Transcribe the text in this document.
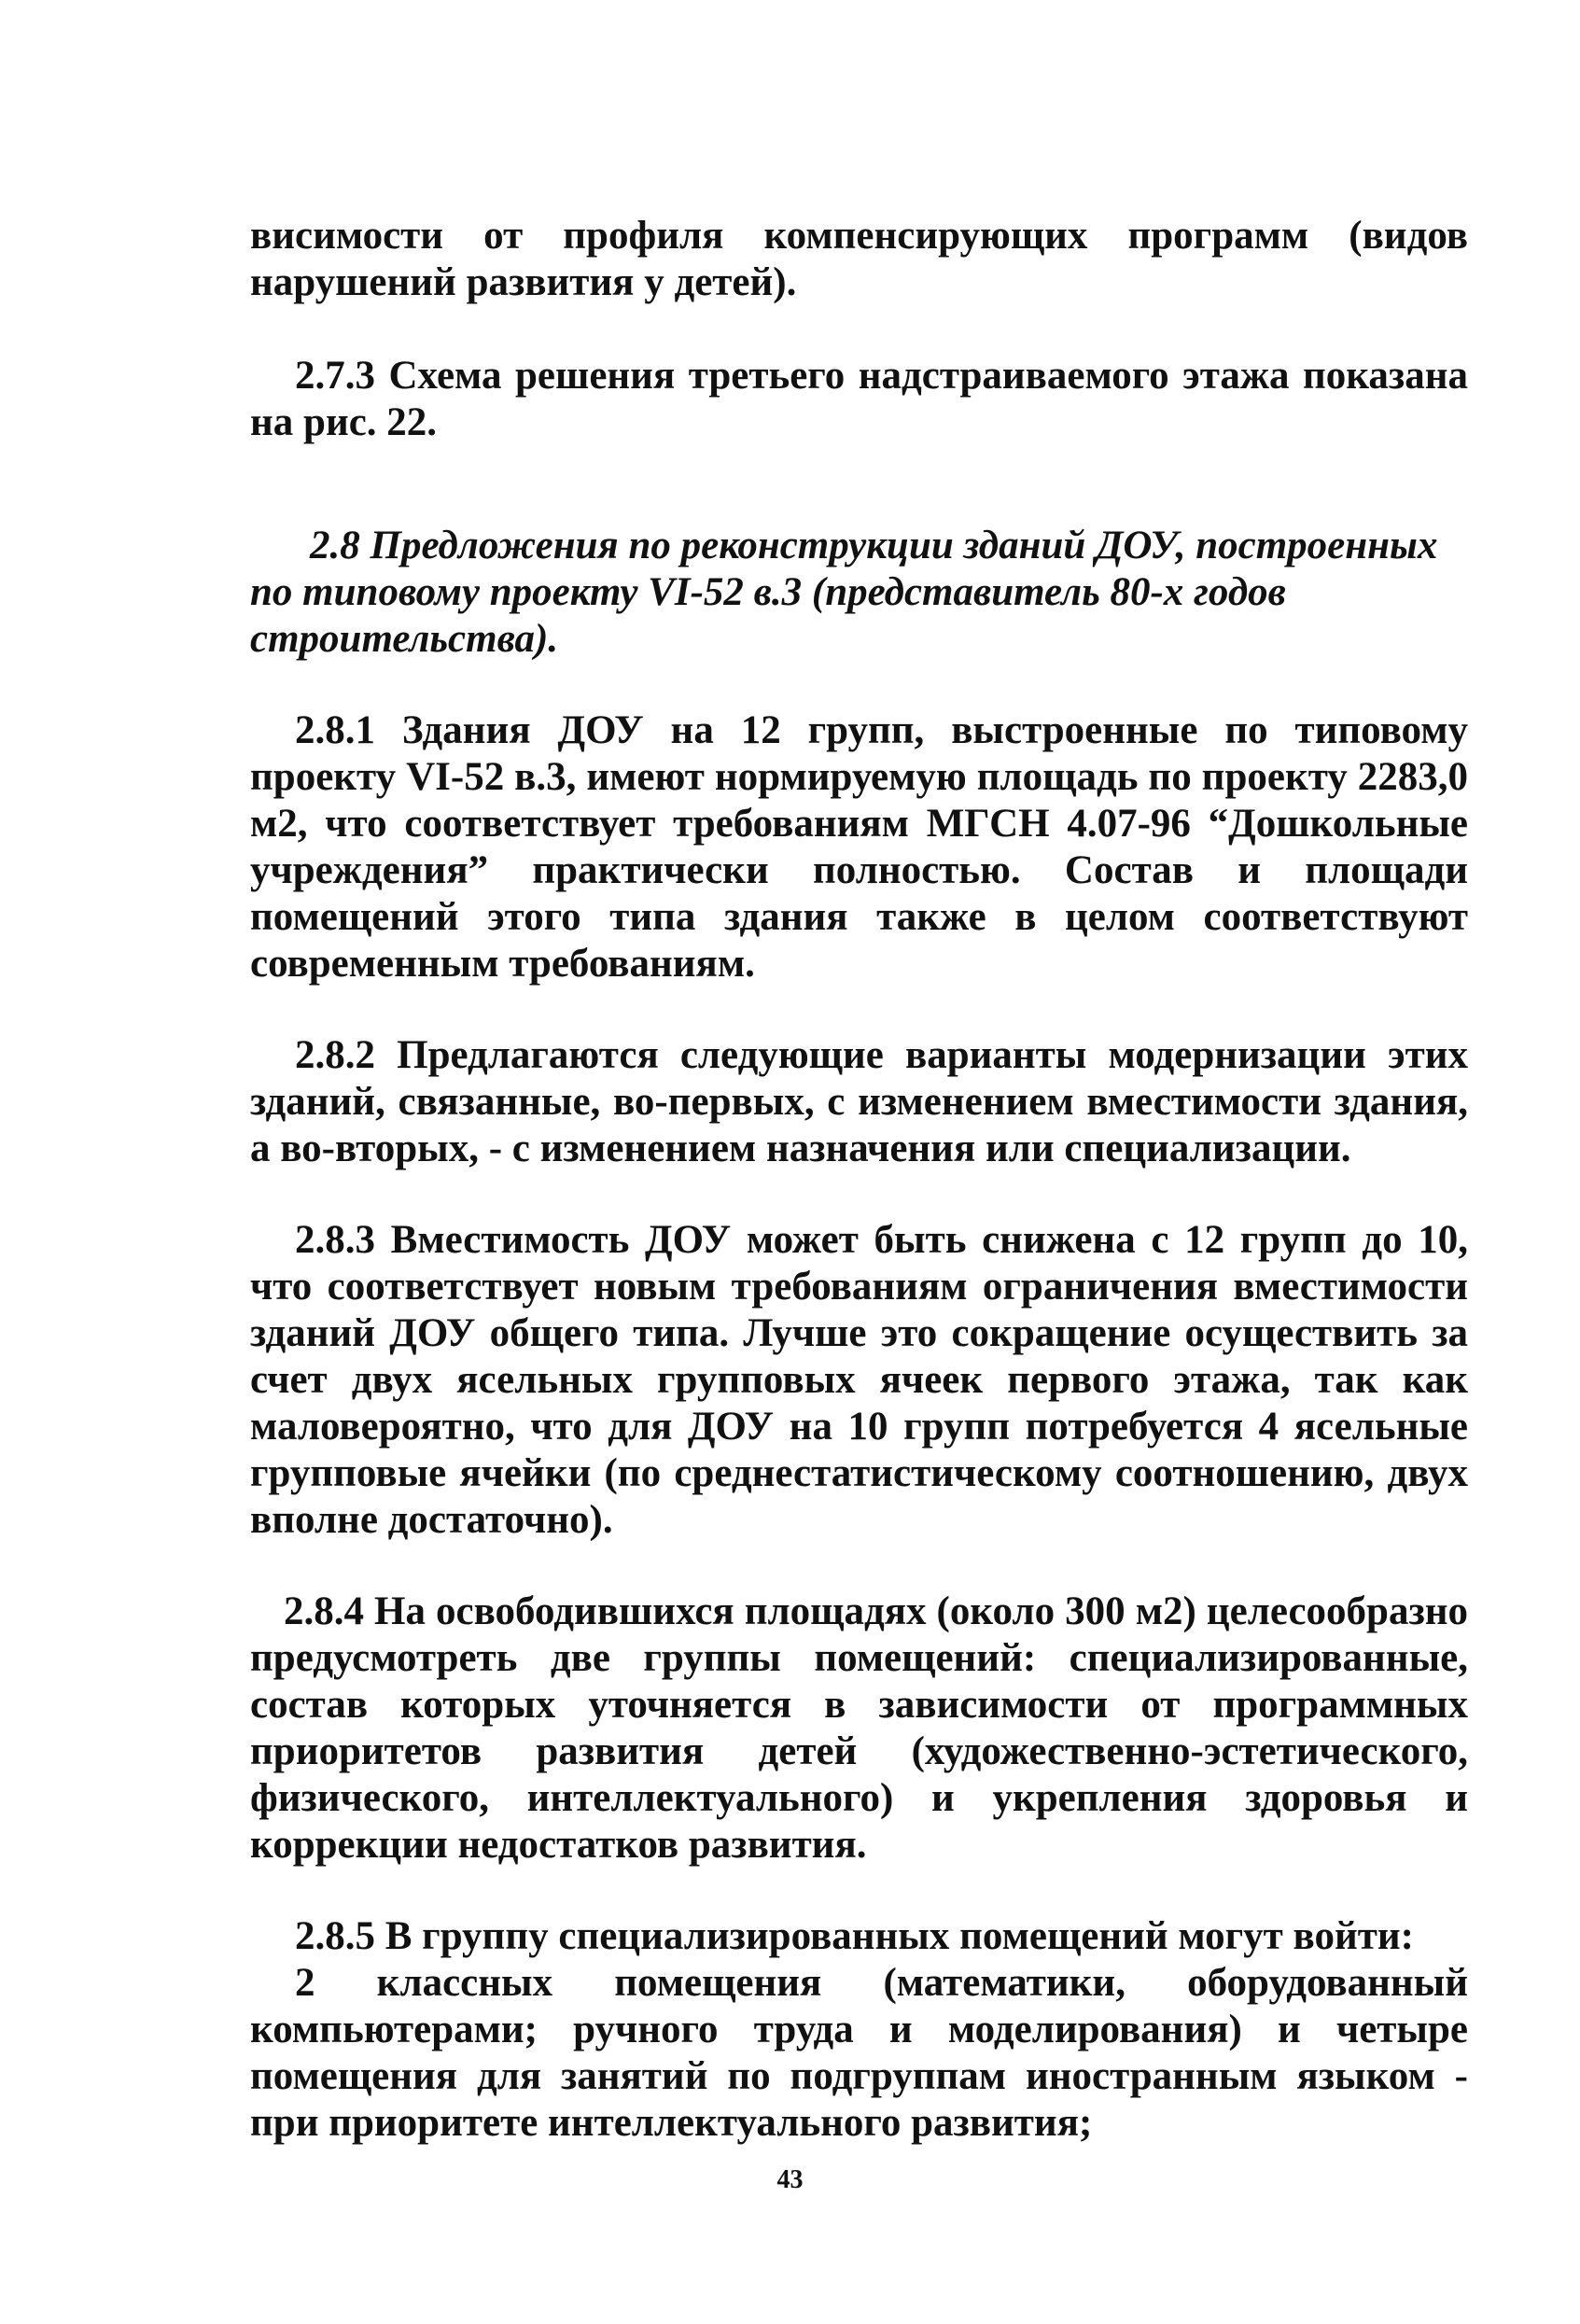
висимости от профиля компенсирующих программ (видов нарушений развития у детей).

2.7.3 Схема решения третьего надстраиваемого этажа показана на рис. 22.

2.8 Предложения по реконструкции зданий ДОУ, построенных по типовому проекту VI-52 в.3 (представитель 80-х годов строительства).

2.8.1 Здания ДОУ на 12 групп, выстроенные по типовому проекту VI-52 в.3, имеют нормируемую площадь по проекту 2283,0 м2, что соответствует требованиям МГСН 4.07-96 “Дошкольные учреждения” практически полностью. Состав и площади помещений этого типа здания также в целом соответствуют современным требованиям.

2.8.2 Предлагаются следующие варианты модернизации этих зданий, связанные, во-первых, с изменением вместимости здания, а во-вторых, - с изменением назначения или специализации.

2.8.3 Вместимость ДОУ может быть снижена с 12 групп до 10, что соответствует новым требованиям ограничения вместимости зданий ДОУ общего типа. Лучше это сокращение осуществить за счет двух ясельных групповых ячеек первого этажа, так как маловероятно, что для ДОУ на 10 групп потребуется 4 ясельные групповые ячейки (по среднестатистическому соотношению, двух вполне достаточно).

2.8.4 На освободившихся площадях (около 300 м2) целесообразно предусмотреть две группы помещений: специализированные, состав которых уточняется в зависимости от программных приоритетов развития детей (художественно-эстетического, физического, интеллектуального) и укрепления здоровья и коррекции недостатков развития.

2.8.5 В группу специализированных помещений могут войти:

2 классных помещения (математики, оборудованный компьютерами; ручного труда и моделирования) и четыре помещения для занятий по подгруппам иностранным языком - при приоритете интеллектуального развития;

43
